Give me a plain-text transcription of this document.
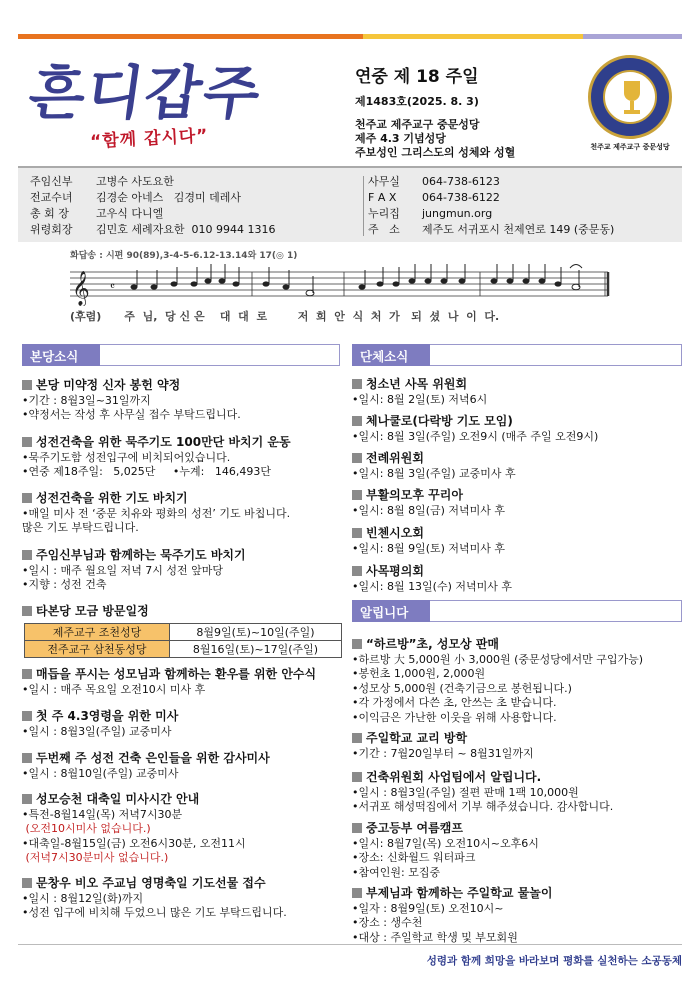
흔디갑주
“함께 갑시다”
연중 제 18 주일
제1483호(2025. 8. 3)
천주교 제주교구 중문성당
제주 4.3 기념성당
주보성인 그리스도의 성체와 성혈	천주교 제주교구 중문성당
주임신부 고병수 사도요한
전교수녀 김경순 아네스   김경미 데레사
총 회 장 고우식 다니엘
위령회장 김민호 세례자요한  010 9944 1316
사무실 064-738-6123
F A X 064-738-6122
누리집 jungmun.org
주   소 제주도 서귀포시 천제연로 149 (중문동)
화답송 : 시편 90(89),3-4-5-6.12-13.14와 17(◎ 1)
𝄞 𝄴
(후렴) 주  님,  당 신 은    대  대  로        저  희  안  식  처  가   되  셨  나  이  다.
본당소식	단체소식
알립니다
본당 미약정 신자 봉헌 약정
•기간 : 8월3일~31일까지
•약정서는 작성 후 사무실 접수 부탁드립니다.
성전건축을 위한 묵주기도 100만단 바치기 운동
•묵주기도함 성전입구에 비치되어있습니다.
•연중 제18주일:   5,025단     •누계:   146,493단
성전건축을 위한 기도 바치기
•매일 미사 전 ‘중문 치유와 평화의 성전’ 기도 바칩니다.
많은 기도 부탁드립니다.
주임신부님과 함께하는 묵주기도 바치기
•일시 : 매주 월요일 저녁 7시 성전 앞마당
•지향 : 성전 건축
타본당 모금 방문일정
제주교구 조천성당	8월9일(토)~10일(주일)
전주교구 삼천동성당	8월16일(토)~17일(주일)
매듭을 푸시는 성모님과 함께하는 환우를 위한 안수식
•일시 : 매주 목요일 오전10시 미사 후
첫 주 4.3영령을 위한 미사
•일시 : 8월3일(주일) 교중미사
두번째 주 성전 건축 은인들을 위한 감사미사
•일시 : 8월10일(주일) 교중미사
성모승천 대축일 미사시간 안내
•특전-8월14일(목) 저녁7시30분
(오전10시미사 없습니다.)
•대축일-8월15일(금) 오전6시30분, 오전11시
(저녁7시30분미사 없습니다.)
문창우 비오 주교님 영명축일 기도선물 접수
•일시 : 8월12일(화)까지
•성전 입구에 비치해 두었으니 많은 기도 부탁드립니다.
청소년 사목 위원회
•일시: 8월 2일(토) 저녁6시
체나쿨로(다락방 기도 모임)
•일시: 8월 3일(주일) 오전9시 (매주 주일 오전9시)
전례위원회
•일시: 8월 3일(주일) 교중미사 후
부활의모후 꾸리아
•일시: 8월 8일(금) 저녁미사 후
빈첸시오회
•일시: 8월 9일(토) 저녁미사 후
사목평의회
•일시: 8월 13일(수) 저녁미사 후
“하르방”초, 성모상 판매
•하르방 大 5,000원 小 3,000원 (중문성당에서만 구입가능)
•봉헌초 1,000원, 2,000원
•성모상 5,000원 (건축기금으로 봉헌됩니다.)
•각 가정에서 다쓴 초, 안쓰는 초 받습니다.
•이익금은 가난한 이웃을 위해 사용합니다.
주일학교 교리 방학
•기간 : 7월20일부터 ~ 8월31일까지
건축위원회 사업팀에서 알립니다.
•일시 : 8월3일(주일) 절편 판매 1팩 10,000원
•서귀포 해성떡집에서 기부 해주셨습니다. 감사합니다.
중고등부 여름캠프
•일시: 8월7일(목) 오전10시~오후6시
•장소: 신화월드 워터파크
•참여인원: 모집중
부제님과 함께하는 주일학교 물놀이
•일자 : 8월9일(토) 오전10시~
•장소 : 생수천
•대상 : 주일학교 학생 및 부모회원
성령과 함께 희망을 바라보며 평화를 실천하는 소공동체
